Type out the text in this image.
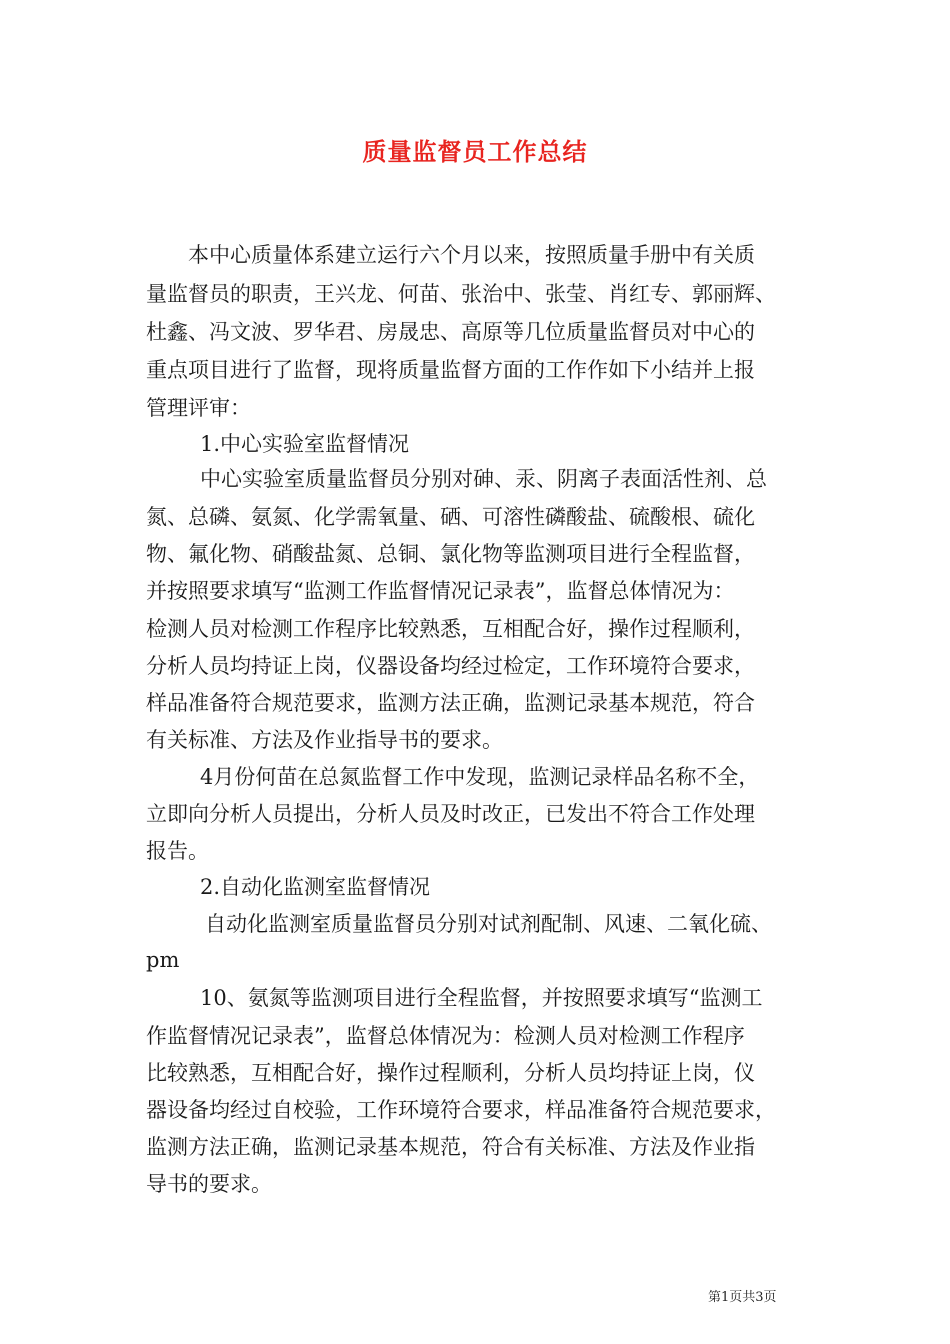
质量监督员工作总结
本中心质量体系建立运行六个月以来，按照质量手册中有关质
量监督员的职责，王兴龙、何苗、张治中、张莹、肖红专、郭丽辉、
杜鑫、冯文波、罗华君、房晟忠、高原等几位质量监督员对中心的
重点项目进行了监督，现将质量监督方面的工作作如下小结并上报
管理评审：
1.中心实验室监督情况
中心实验室质量监督员分别对砷、汞、阴离子表面活性剂、总
氮、总磷、氨氮、化学需氧量、硒、可溶性磷酸盐、硫酸根、硫化
物、氟化物、硝酸盐氮、总铜、氯化物等监测项目进行全程监督，
并按照要求填写“监测工作监督情况记录表”，监督总体情况为：
检测人员对检测工作程序比较熟悉，互相配合好，操作过程顺利，
分析人员均持证上岗，仪器设备均经过检定，工作环境符合要求，
样品准备符合规范要求，监测方法正确，监测记录基本规范，符合
有关标准、方法及作业指导书的要求。
4月份何苗在总氮监督工作中发现，监测记录样品名称不全，
立即向分析人员提出，分析人员及时改正，已发出不符合工作处理
报告。
2.自动化监测室监督情况
自动化监测室质量监督员分别对试剂配制、风速、二氧化硫、
pm
10、氨氮等监测项目进行全程监督，并按照要求填写“监测工
作监督情况记录表”，监督总体情况为：检测人员对检测工作程序
比较熟悉，互相配合好，操作过程顺利，分析人员均持证上岗，仪
器设备均经过自校验，工作环境符合要求，样品准备符合规范要求，
监测方法正确，监测记录基本规范，符合有关标准、方法及作业指
导书的要求。
第1页共3页
